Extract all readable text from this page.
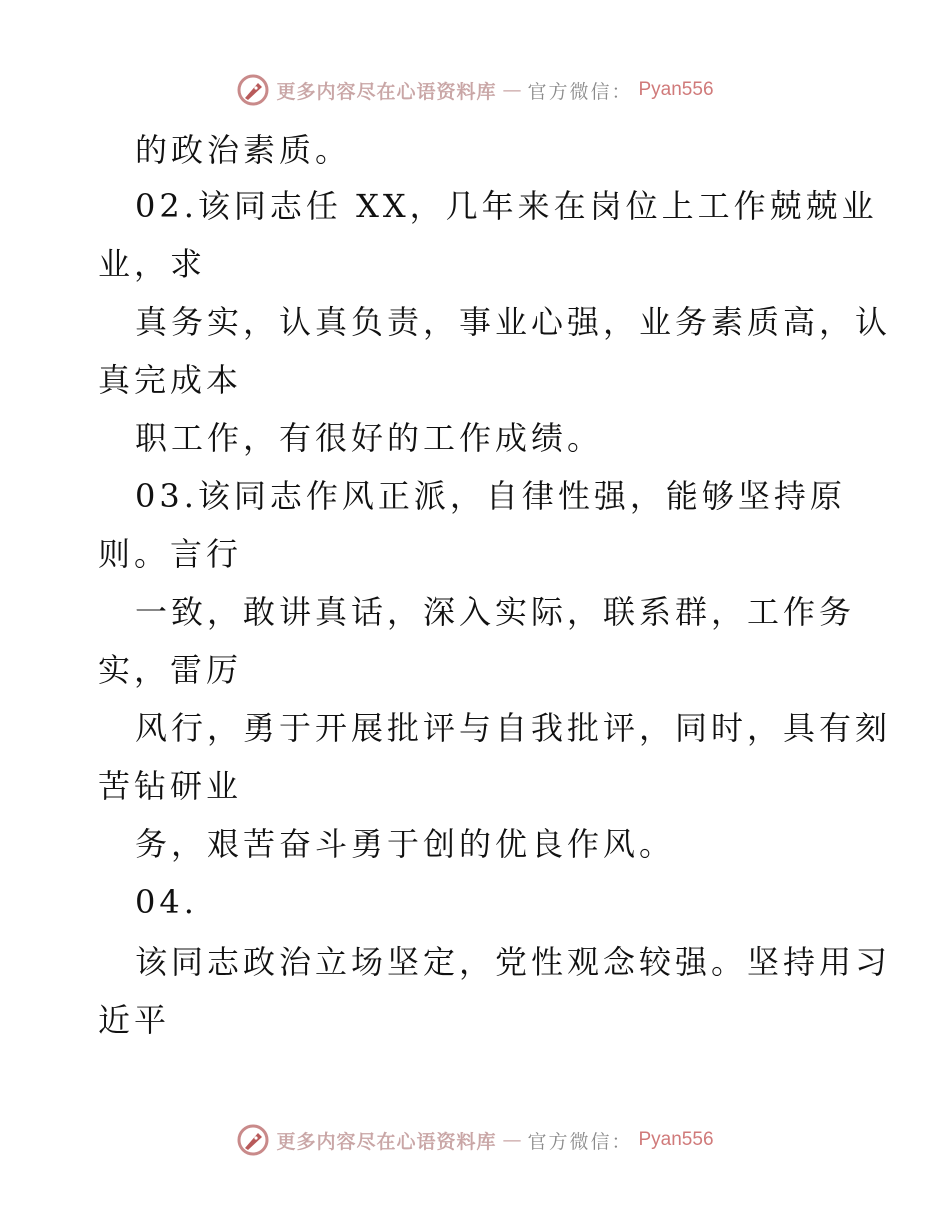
更多内容尽在心语资料库 — 官方微信： Pyan556
的政治素质。
02.该同志任 XX，几年来在岗位上工作兢兢业
业，求
真务实，认真负责，事业心强，业务素质高，认
真完成本
职工作，有很好的工作成绩。
03.该同志作风正派，自律性强，能够坚持原
则。言行
一致，敢讲真话，深入实际，联系群，工作务
实，雷厉
风行，勇于开展批评与自我批评，同时，具有刻
苦钻研业
务，艰苦奋斗勇于创的优良作风。
04.
该同志政治立场坚定，党性观念较强。坚持用习
近平
更多内容尽在心语资料库 — 官方微信： Pyan556
